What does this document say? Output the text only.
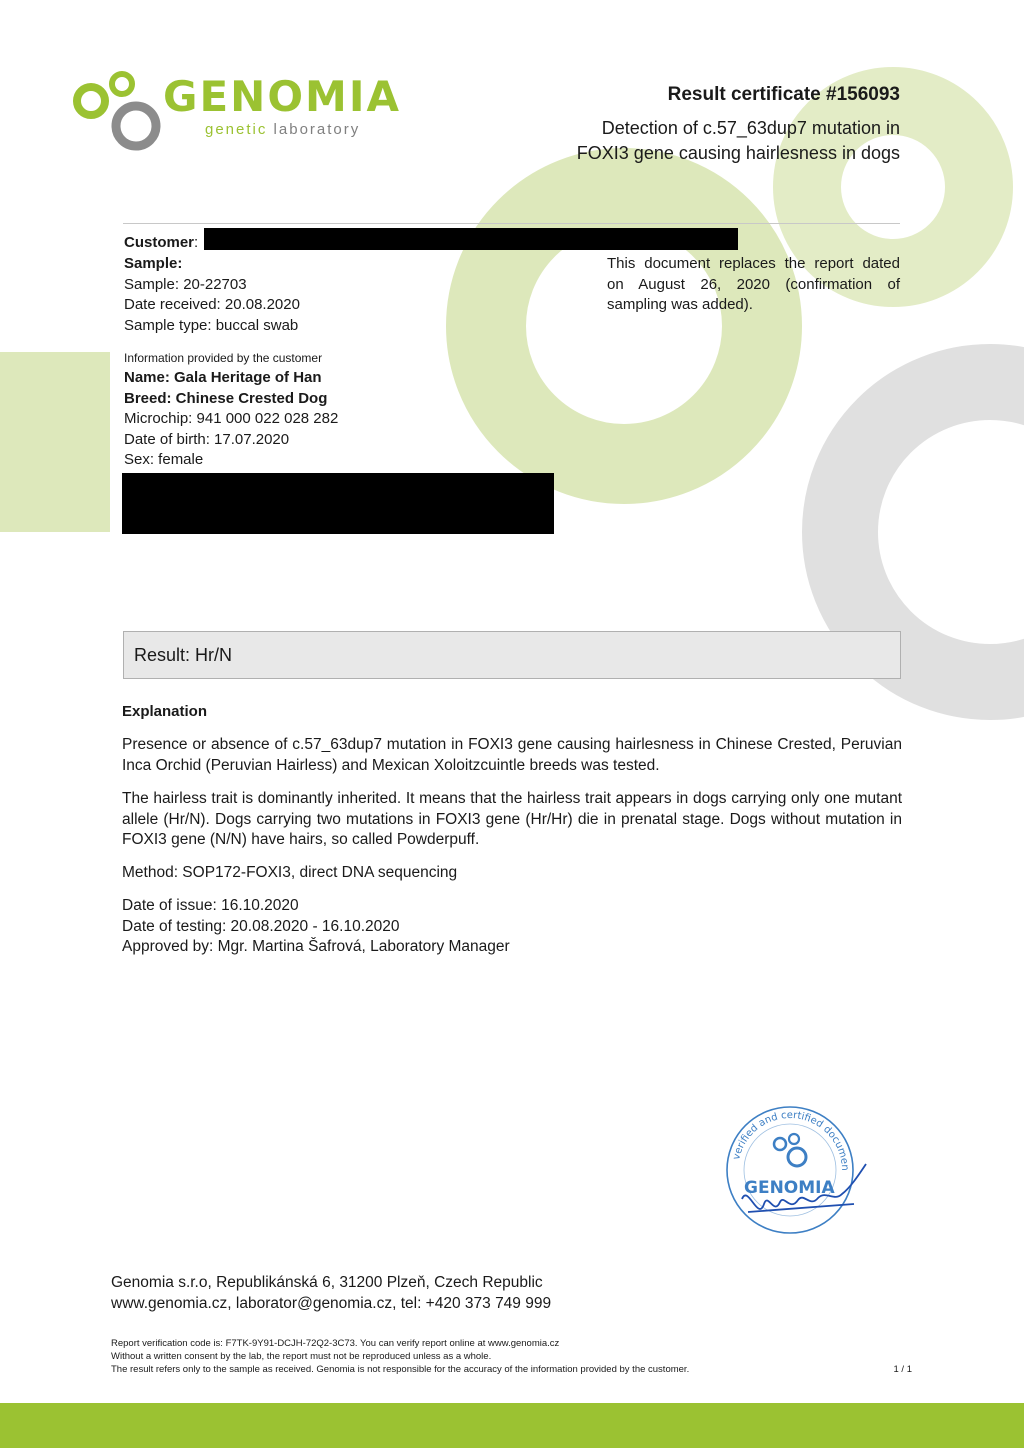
GENOMIA
genetic laboratory
Result certificate #156093
Detection of c.57_63dup7 mutation in
FOXI3 gene causing hairlesness in dogs
Customer:
Sample:
Sample: 20-22703
Date received: 20.08.2020
Sample type: buccal swab
This document replaces the report dated
on August 26, 2020 (confirmation of
sampling was added).
Information provided by the customer
Name: Gala Heritage of Han
Breed: Chinese Crested Dog
Microchip: 941 000 022 028 282
Date of birth: 17.07.2020
Sex: female
Result: Hr/N
Explanation
Presence or absence of c.57_63dup7 mutation in FOXI3 gene causing hairlesness in Chinese Crested, Peruvian Inca Orchid (Peruvian Hairless) and Mexican Xoloitzcuintle breeds was tested.
The hairless trait is dominantly inherited. It means that the hairless trait appears in dogs carrying only one mutant allele (Hr/N). Dogs carrying two mutations in FOXI3 gene (Hr/Hr) die in prenatal stage. Dogs without mutation in FOXI3 gene (N/N) have hairs, so called Powderpuff.
Method: SOP172-FOXI3, direct DNA sequencing
Date of issue: 16.10.2020
Date of testing: 20.08.2020 - 16.10.2020
Approved by: Mgr. Martina Šafrová, Laboratory Manager
verified and certified documen
GENOMIA
Genomia s.r.o, Republikánská 6, 31200 Plzeň, Czech Republic
www.genomia.cz, laborator@genomia.cz, tel: +420 373 749 999
Report verification code is: F7TK-9Y91-DCJH-72Q2-3C73. You can verify report online at www.genomia.cz
Without a written consent by the lab, the report must not be reproduced unless as a whole.
The result refers only to the sample as received. Genomia is not responsible for the accuracy of the information provided by the customer.	1 / 1
